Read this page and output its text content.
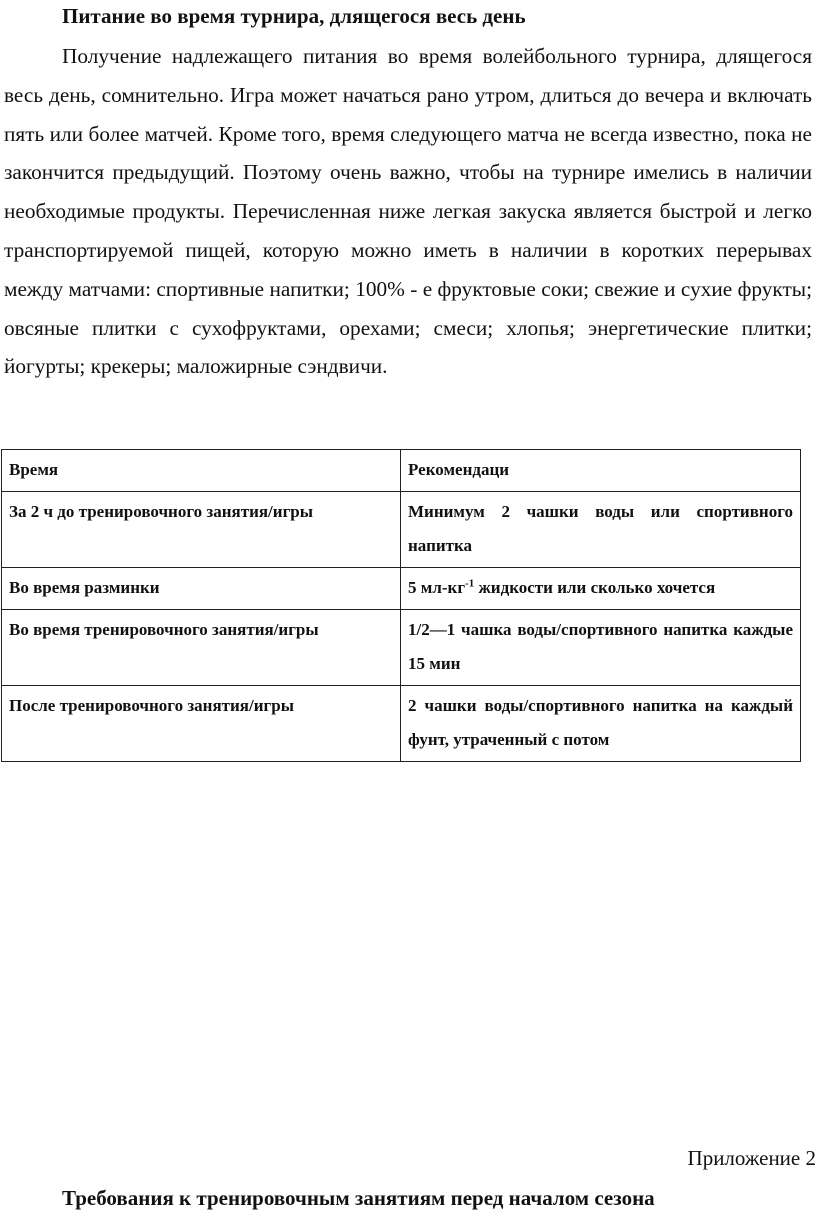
Питание во время турнира, длящегося весь день

Получение надлежащего питания во время волейбольного турнира, длящегося весь день, сомнительно. Игра может начаться рано утром, длиться до вечера и включать пять или более матчей. Кроме того, время следующего матча не всегда известно, пока не закончится предыдущий. Поэтому очень важно, чтобы на турнире имелись в наличии необходимые продукты. Перечисленная ниже легкая закуска является быстрой и легко транспортируемой пищей, которую можно иметь в наличии в коротких перерывах между матчами: спортивные напитки; 100% - е фруктовые соки; свежие и сухие фрукты; овсяные плитки с сухофруктами, орехами; смеси; хлопья; энергетические плитки; йогурты; крекеры; маложирные сэндвичи.

Время	Рекомендаци
За 2 ч до тренировочного занятия/игры	Минимум 2 чашки воды или спортивного напитка
Во время разминки	5 $мл-кг^{-1}$ жидкости или сколько хочется
Во время тренировочного занятия/игры	1/2—1 чашка воды/спортивного напитка каждые 15 мин
После тренировочного занятия/игры	2 чашки воды/спортивного напитка на каждый фунт, утраченный с потом

Приложение 2

Требования к тренировочным занятиям перед началом сезона
